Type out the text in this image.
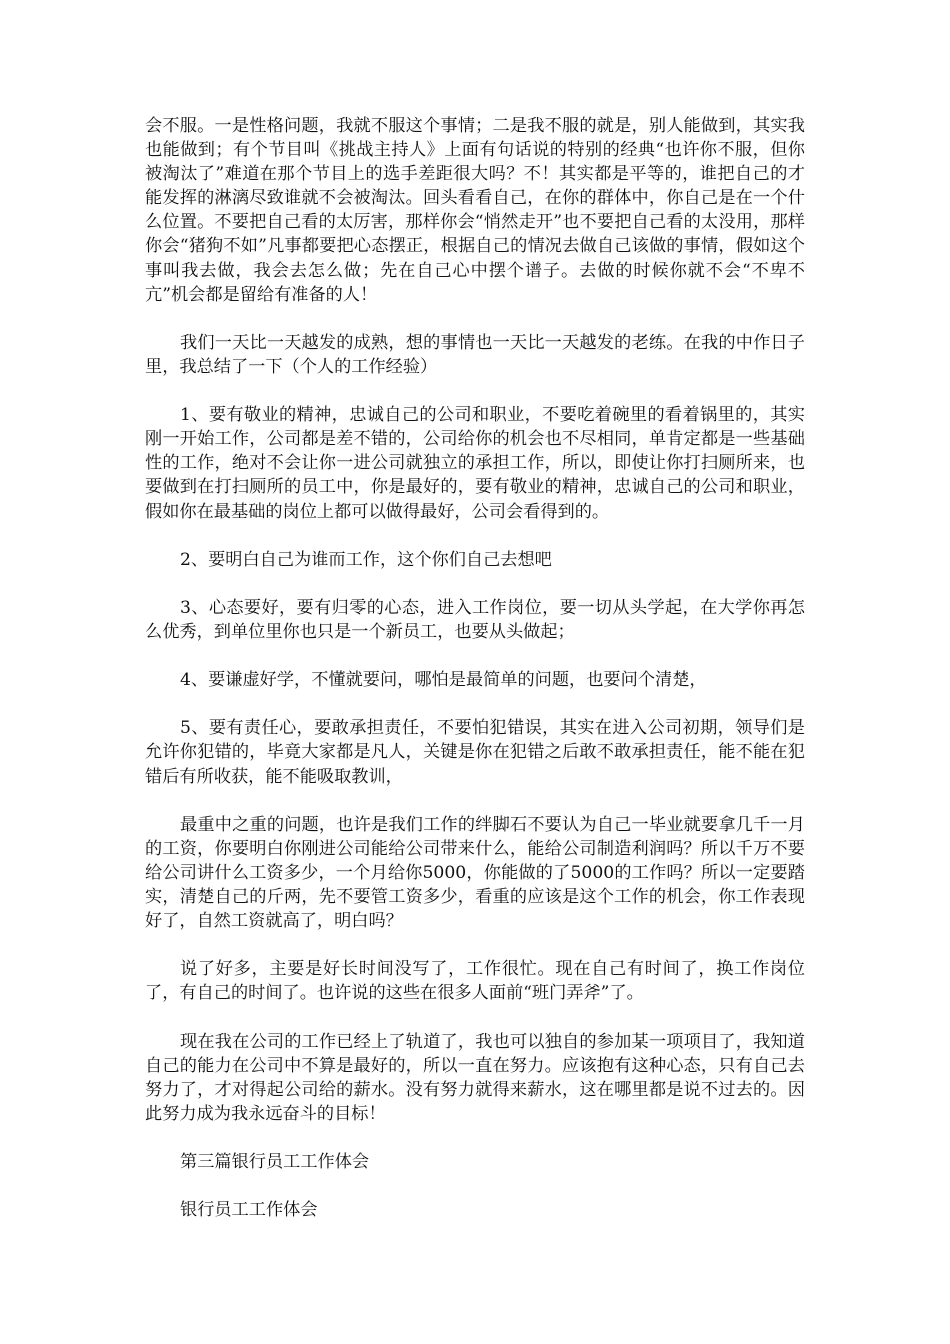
会不服。一是性格问题，我就不服这个事情；二是我不服的就是，别人能做到，其实我也能做到；有个节目叫《挑战主持人》上面有句话说的特别的经典“也许你不服，但你被淘汰了”难道在那个节目上的选手差距很大吗？不！其实都是平等的，谁把自己的才能发挥的淋漓尽致谁就不会被淘汰。回头看看自己，在你的群体中，你自己是在一个什么位置。不要把自己看的太厉害，那样你会“悄然走开”也不要把自己看的太没用，那样你会“猪狗不如”凡事都要把心态摆正，根据自己的情况去做自己该做的事情，假如这个事叫我去做，我会去怎么做；先在自己心中摆个谱子。去做的时候你就不会“不卑不亢”机会都是留给有准备的人！

我们一天比一天越发的成熟，想的事情也一天比一天越发的老练。在我的中作日子里，我总结了一下（个人的工作经验）

1、要有敬业的精神，忠诚自己的公司和职业，不要吃着碗里的看着锅里的，其实刚一开始工作，公司都是差不错的，公司给你的机会也不尽相同，单肯定都是一些基础性的工作，绝对不会让你一进公司就独立的承担工作，所以，即使让你打扫厕所来，也要做到在打扫厕所的员工中，你是最好的，要有敬业的精神，忠诚自己的公司和职业，假如你在最基础的岗位上都可以做得最好，公司会看得到的。

2、要明白自己为谁而工作，这个你们自己去想吧

3、心态要好，要有归零的心态，进入工作岗位，要一切从头学起，在大学你再怎么优秀，到单位里你也只是一个新员工，也要从头做起；

4、要谦虚好学，不懂就要问，哪怕是最简单的问题，也要问个清楚，

5、要有责任心，要敢承担责任，不要怕犯错误，其实在进入公司初期，领导们是允许你犯错的，毕竟大家都是凡人，关键是你在犯错之后敢不敢承担责任，能不能在犯错后有所收获，能不能吸取教训，

最重中之重的问题，也许是我们工作的绊脚石不要认为自己一毕业就要拿几千一月的工资，你要明白你刚进公司能给公司带来什么，能给公司制造利润吗？所以千万不要给公司讲什么工资多少，一个月给你5000，你能做的了5000的工作吗？所以一定要踏实，清楚自己的斤两，先不要管工资多少，看重的应该是这个工作的机会，你工作表现好了，自然工资就高了，明白吗？

说了好多，主要是好长时间没写了，工作很忙。现在自己有时间了，换工作岗位了，有自己的时间了。也许说的这些在很多人面前“班门弄斧”了。

现在我在公司的工作已经上了轨道了，我也可以独自的参加某一项项目了，我知道自己的能力在公司中不算是最好的，所以一直在努力。应该抱有这种心态，只有自己去努力了，才对得起公司给的薪水。没有努力就得来薪水，这在哪里都是说不过去的。因此努力成为我永远奋斗的目标！

第三篇银行员工工作体会

银行员工工作体会
